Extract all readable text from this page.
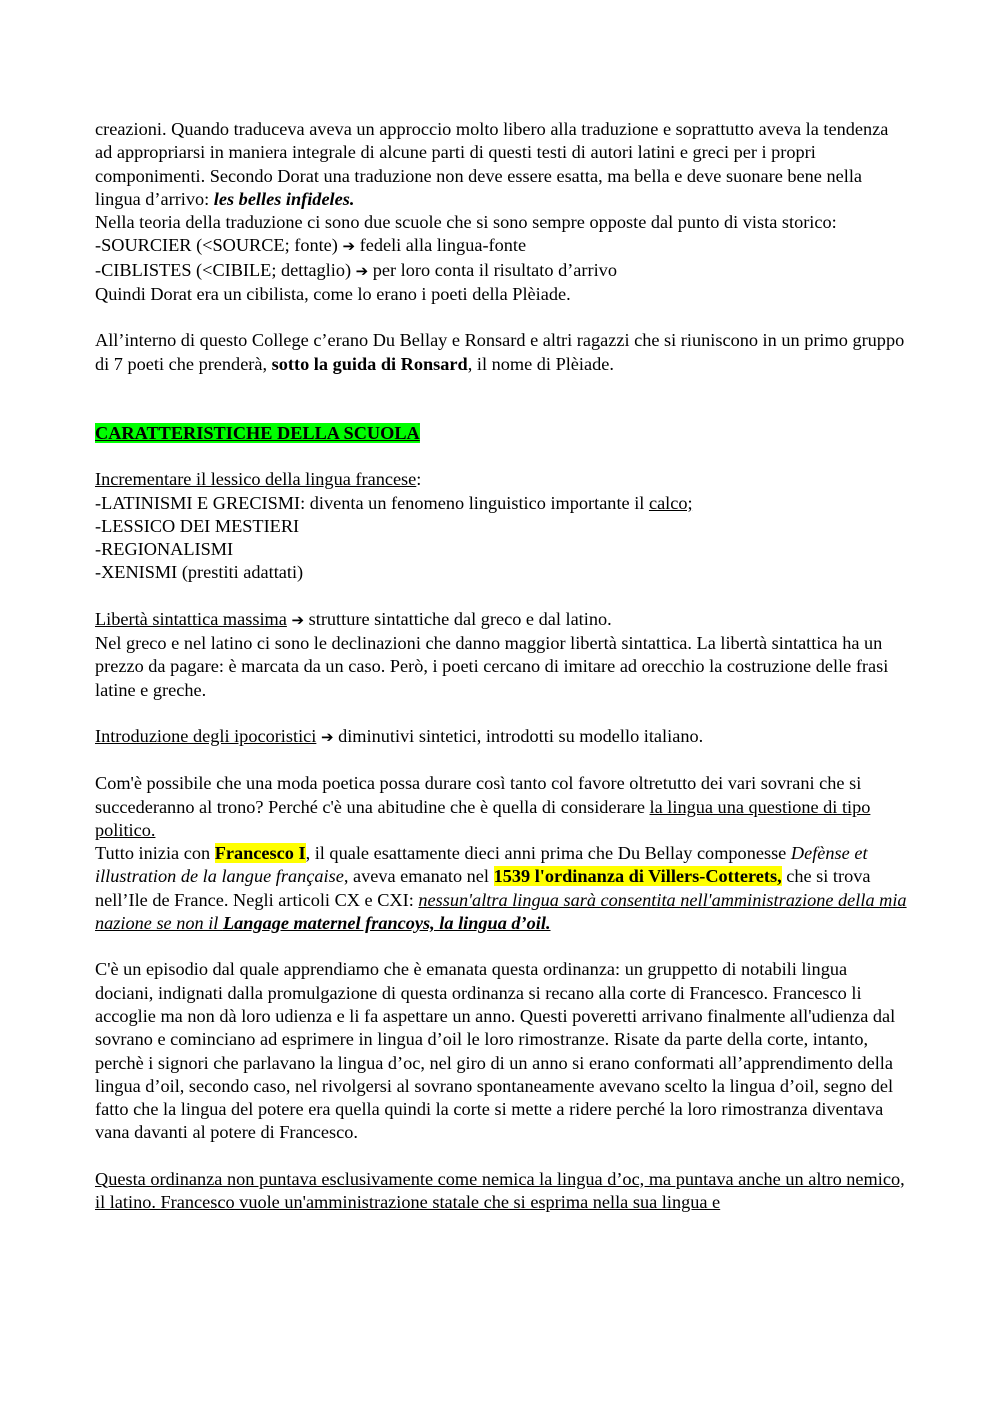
creazioni. Quando traduceva aveva un approccio molto libero alla traduzione e soprattutto aveva la tendenza ad appropriarsi in maniera integrale di alcune parti di questi testi di autori latini e greci per i propri componimenti. Secondo Dorat una traduzione non deve essere esatta, ma bella e deve suonare bene nella lingua d’arrivo: les belles infideles.

Nella teoria della traduzione ci sono due scuole che si sono sempre opposte dal punto di vista storico:

-SOURCIER (<SOURCE; fonte) ➔ fedeli alla lingua-fonte

-CIBLISTES (<CIBILE; dettaglio) ➔ per loro conta il risultato d’arrivo

Quindi Dorat era un cibilista, come lo erano i poeti della Plèiade.

All’interno di questo College c’erano Du Bellay e Ronsard e altri ragazzi che si riuniscono in un primo gruppo di 7 poeti che prenderà, sotto la guida di Ronsard, il nome di Plèiade.

CARATTERISTICHE DELLA SCUOLA

Incrementare il lessico della lingua francese:

-LATINISMI E GRECISMI: diventa un fenomeno linguistico importante il calco;

-LESSICO DEI MESTIERI

-REGIONALISMI

-XENISMI (prestiti adattati)

Libertà sintattica massima ➔ strutture sintattiche dal greco e dal latino.

Nel greco e nel latino ci sono le declinazioni che danno maggior libertà sintattica. La libertà sintattica ha un prezzo da pagare: è marcata da un caso. Però, i poeti cercano di imitare ad orecchio la costruzione delle frasi latine e greche.

Introduzione degli ipocoristici ➔ diminutivi sintetici, introdotti su modello italiano.

Com'è possibile che una moda poetica possa durare così tanto col favore oltretutto dei vari sovrani che si succederanno al trono? Perché c'è una abitudine che è quella di considerare la lingua una questione di tipo politico.

Tutto inizia con Francesco I, il quale esattamente dieci anni prima che Du Bellay componesse Defènse et illustration de la langue française, aveva emanato nel 1539 l'ordinanza di Villers-Cotterets, che si trova nell’Ile de France. Negli articoli CX e CXI: nessun'altra lingua sarà consentita nell'amministrazione della mia nazione se non il Langage maternel francoys, la lingua d’oil.

C'è un episodio dal quale apprendiamo che è emanata questa ordinanza: un gruppetto di notabili lingua dociani, indignati dalla promulgazione di questa ordinanza si recano alla corte di Francesco. Francesco li accoglie ma non dà loro udienza e li fa aspettare un anno. Questi poveretti arrivano finalmente all'udienza dal sovrano e cominciano ad esprimere in lingua d’oil le loro rimostranze. Risate da parte della corte, intanto, perchè i signori che parlavano la lingua d’oc, nel giro di un anno si erano conformati all’apprendimento della lingua d’oil, secondo caso, nel rivolgersi al sovrano spontaneamente avevano scelto la lingua d’oil, segno del fatto che la lingua del potere era quella quindi la corte si mette a ridere perché la loro rimostranza diventava vana davanti al potere di Francesco.

Questa ordinanza non puntava esclusivamente come nemica la lingua d’oc, ma puntava anche un altro nemico, il latino. Francesco vuole un'amministrazione statale che si esprima nella sua lingua e
